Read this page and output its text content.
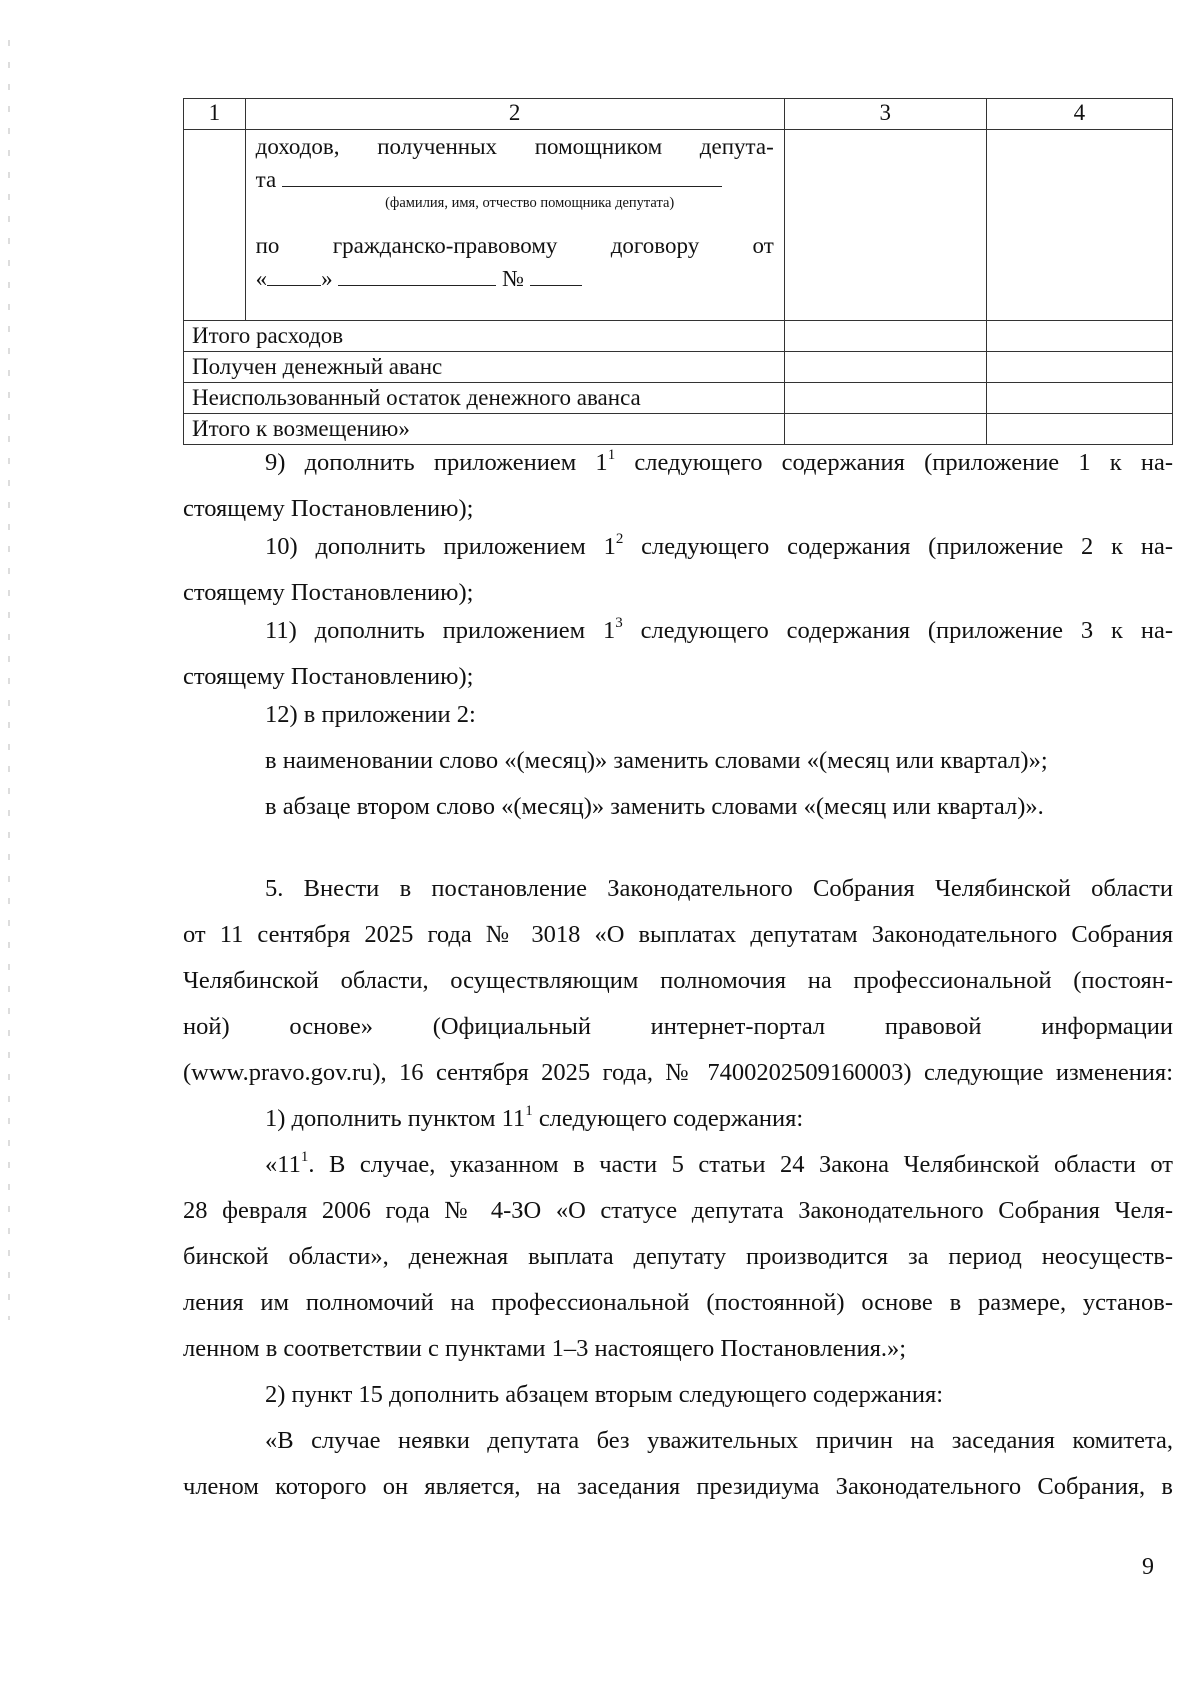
1	2	3	4

	доходов, полученных помощником депута-
та
(фамилия, имя, отчество помощника депутата)
по гражданско-правовому договору от
« » №		

Итого расходов			
Получен денежный аванс			
Неиспользованный остаток денежного аванса			
Итого к возмещению»			

9) дополнить приложением $1^1$ следующего содержания (приложение 1 к на-
стоящему Постановлению);

10) дополнить приложением $1^2$ следующего содержания (приложение 2 к на-
стоящему Постановлению);

11) дополнить приложением $1^3$ следующего содержания (приложение 3 к на-
стоящему Постановлению);

12) в приложении 2:
в наименовании слово «(месяц)» заменить словами «(месяц или квартал)»;
в абзаце втором слово «(месяц)» заменить словами «(месяц или квартал)».

5. Внести в постановление Законодательного Собрания Челябинской области
от 11 сентября 2025 года № 3018 «О выплатах депутатам Законодательного Собрания
Челябинской области, осуществляющим полномочия на профессиональной (постоян-
ной) основе» (Официальный интернет-портал правовой информации
(www.pravo.gov.ru), 16 сентября 2025 года, № 7400202509160003) следующие изменения:
1) дополнить пунктом $11^1$ следующего содержания:
«$11^1$. В случае, указанном в части 5 статьи 24 Закона Челябинской области от
28 февраля 2006 года № 4-ЗО «О статусе депутата Законодательного Собрания Челя-
бинской области», денежная выплата депутату производится за период неосуществ-
ления им полномочий на профессиональной (постоянной) основе в размере, установ-
ленном в соответствии с пунктами 1–3 настоящего Постановления.»;
2) пункт 15 дополнить абзацем вторым следующего содержания:
«В случае неявки депутата без уважительных причин на заседания комитета,
членом которого он является, на заседания президиума Законодательного Собрания, в

9
